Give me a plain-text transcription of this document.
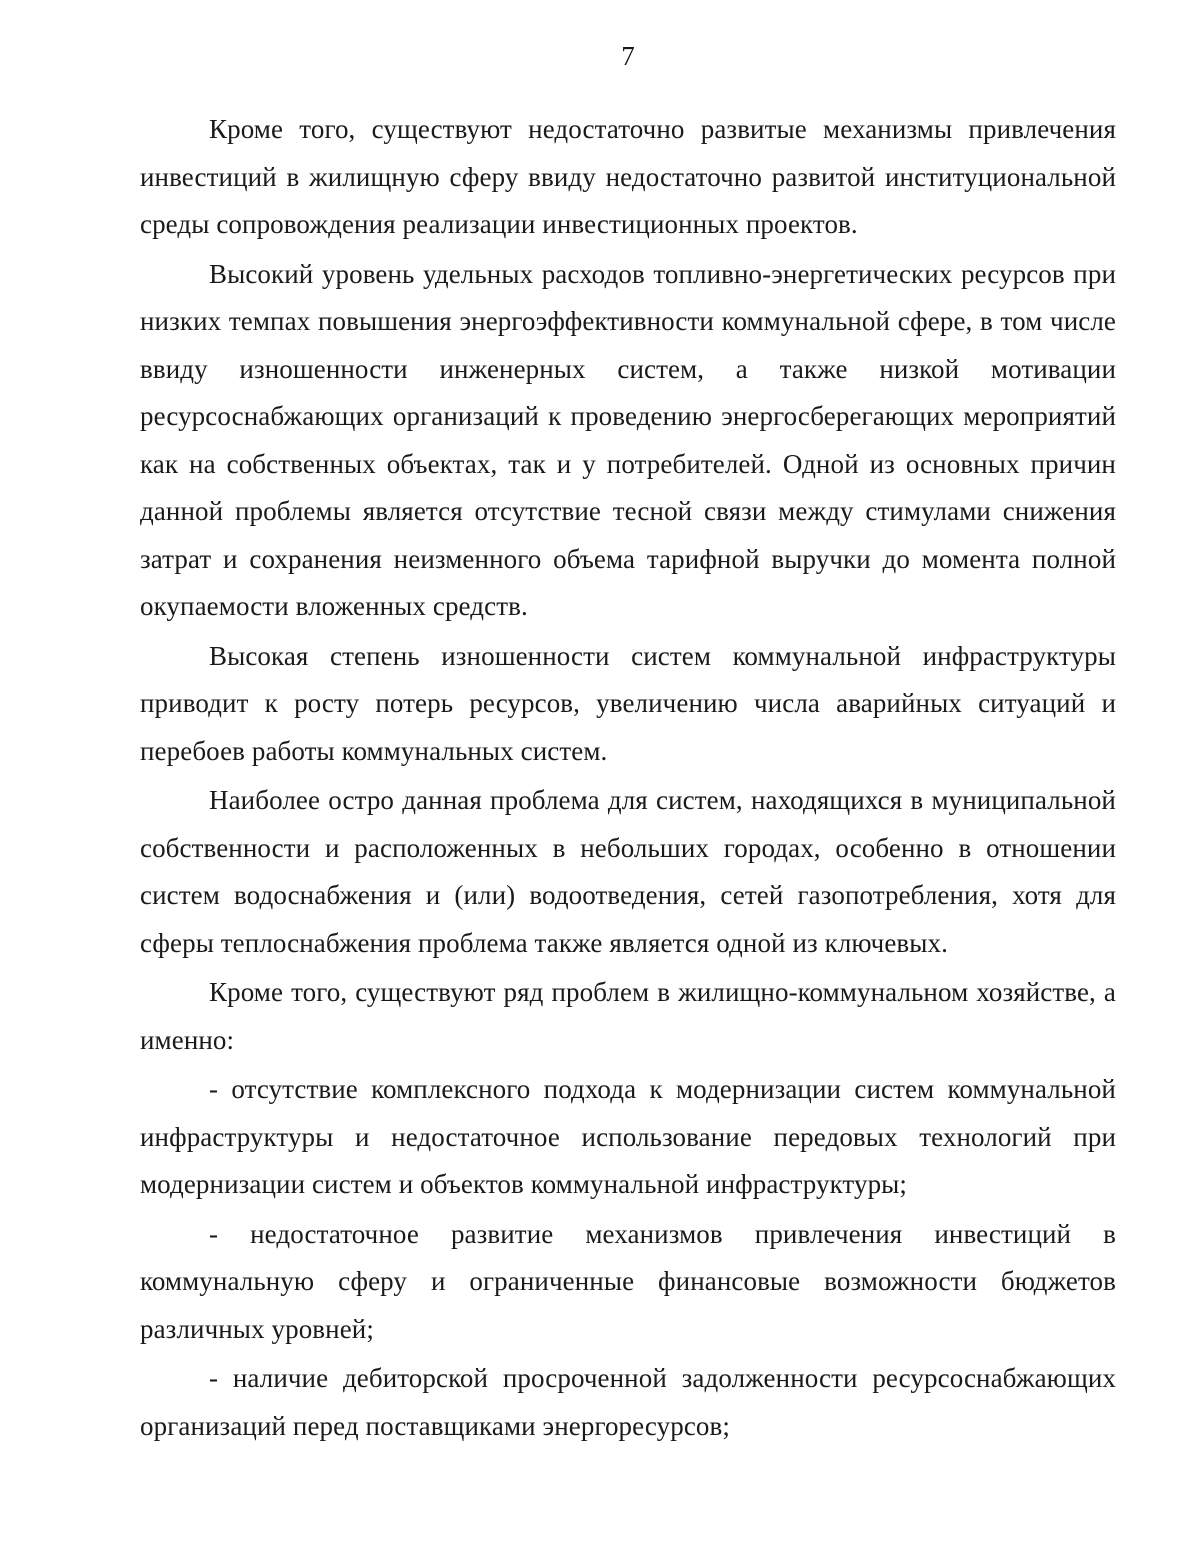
7

Кроме того, существуют недостаточно развитые механизмы привлечения инвестиций в жилищную сферу ввиду недостаточно развитой институциональной среды сопровождения реализации инвестиционных проектов.

Высокий уровень удельных расходов топливно-энергетических ресурсов при низких темпах повышения энергоэффективности коммунальной сфере, в том числе ввиду изношенности инженерных систем, а также низкой мотивации ресурсоснабжающих организаций к проведению энергосберегающих мероприятий как на собственных объектах, так и у потребителей. Одной из основных причин данной проблемы является отсутствие тесной связи между стимулами снижения затрат и сохранения неизменного объема тарифной выручки до момента полной окупаемости вложенных средств.

Высокая степень изношенности систем коммунальной инфраструктуры приводит к росту потерь ресурсов, увеличению числа аварийных ситуаций и перебоев работы коммунальных систем.

Наиболее остро данная проблема для систем, находящихся в муниципальной собственности и расположенных в небольших городах, особенно в отношении систем водоснабжения и (или) водоотведения, сетей газопотребления, хотя для сферы теплоснабжения проблема также является одной из ключевых.

Кроме того, существуют ряд проблем в жилищно-коммунальном хозяйстве, а именно:

- отсутствие комплексного подхода к модернизации систем коммунальной инфраструктуры и недостаточное использование передовых технологий при модернизации систем и объектов коммунальной инфраструктуры;

- недостаточное развитие механизмов привлечения инвестиций в коммунальную сферу и ограниченные финансовые возможности бюджетов различных уровней;

- наличие дебиторской просроченной задолженности ресурсоснабжающих организаций перед поставщиками энергоресурсов;
